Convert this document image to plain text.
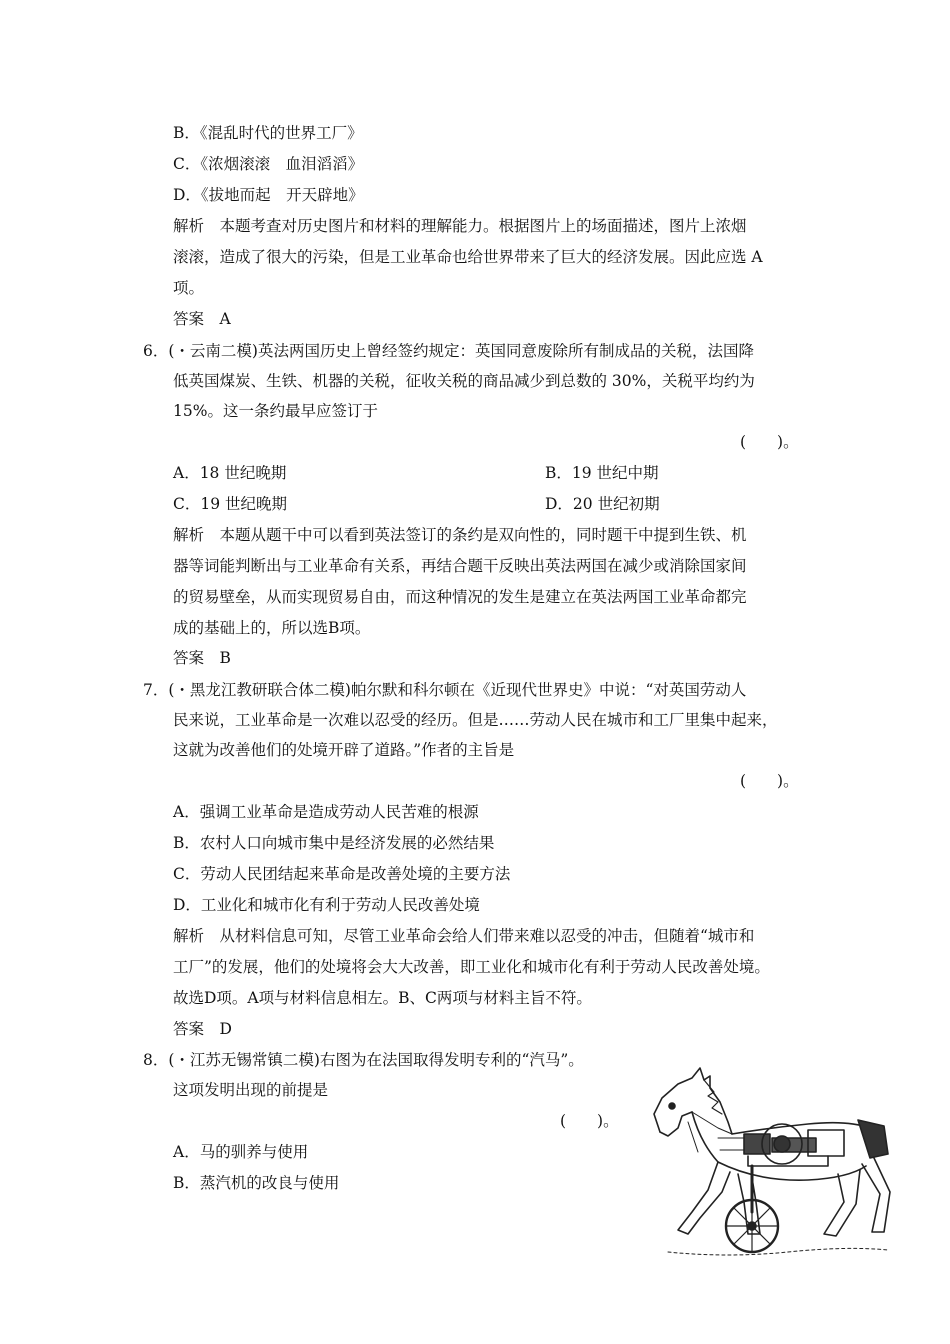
B．《混乱时代的世界工厂》
C．《浓烟滚滚　血泪滔滔》
D．《拔地而起　开天辟地》
解析　本题考查对历史图片和材料的理解能力。根据图片上的场面描述，图片上浓烟
滚滚，造成了很大的污染，但是工业革命也给世界带来了巨大的经济发展。因此应选 A
项。
答案　A
6．(・云南二模)英法两国历史上曾经签约规定：英国同意废除所有制成品的关税，法国降
低英国煤炭、生铁、机器的关税，征收关税的商品减少到总数的 30%，关税平均约为
15%。这一条约最早应签订于
(　　)。
A．18 世纪晚期	B．19 世纪中期
C．19 世纪晚期	D．20 世纪初期
解析　本题从题干中可以看到英法签订的条约是双向性的，同时题干中提到生铁、机
器等词能判断出与工业革命有关系，再结合题干反映出英法两国在减少或消除国家间
的贸易壁垒，从而实现贸易自由，而这种情况的发生是建立在英法两国工业革命都完
成的基础上的，所以选B项。
答案　B
7．(・黑龙江教研联合体二模)帕尔默和科尔顿在《近现代世界史》中说：“对英国劳动人
民来说，工业革命是一次难以忍受的经历。但是……劳动人民在城市和工厂里集中起来，
这就为改善他们的处境开辟了道路。”作者的主旨是
(　　)。
A．强调工业革命是造成劳动人民苦难的根源
B．农村人口向城市集中是经济发展的必然结果
C．劳动人民团结起来革命是改善处境的主要方法
D．工业化和城市化有利于劳动人民改善处境
解析　从材料信息可知，尽管工业革命会给人们带来难以忍受的冲击，但随着“城市和
工厂”的发展，他们的处境将会大大改善，即工业化和城市化有利于劳动人民改善处境。
故选D项。A项与材料信息相左。B、C两项与材料主旨不符。
答案　D
8．(・江苏无锡常镇二模)右图为在法国取得发明专利的“汽马”。
这项发明出现的前提是
(　　)。
A．马的驯养与使用
B．蒸汽机的改良与使用
